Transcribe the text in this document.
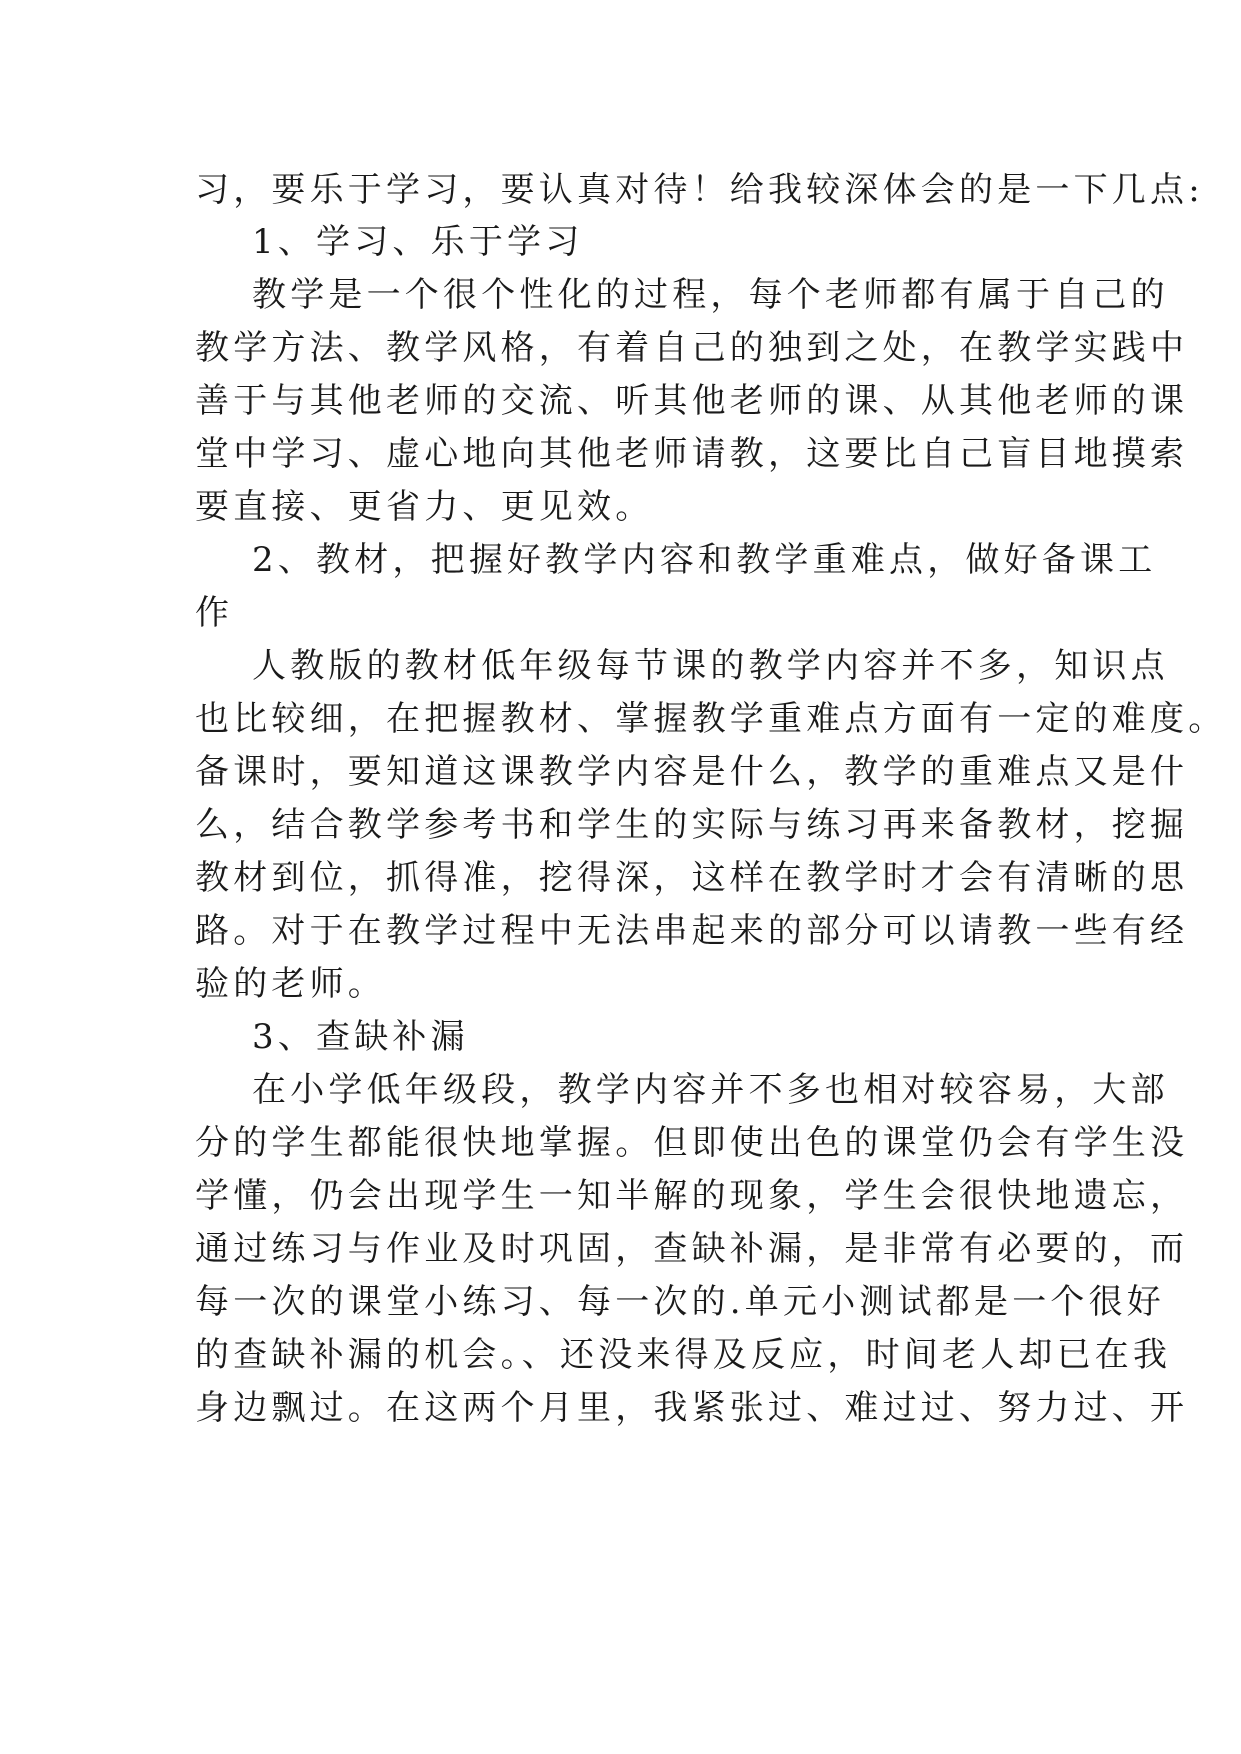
习，要乐于学习，要认真对待！给我较深体会的是一下几点:
1、学习、乐于学习
教学是一个很个性化的过程，每个老师都有属于自己的
教学方法、教学风格，有着自己的独到之处，在教学实践中
善于与其他老师的交流、听其他老师的课、从其他老师的课
堂中学习、虚心地向其他老师请教，这要比自己盲目地摸索
要直接、更省力、更见效。
2、教材，把握好教学内容和教学重难点，做好备课工
作
人教版的教材低年级每节课的教学内容并不多，知识点
也比较细，在把握教材、掌握教学重难点方面有一定的难度。
备课时，要知道这课教学内容是什么，教学的重难点又是什
么，结合教学参考书和学生的实际与练习再来备教材，挖掘
教材到位，抓得准，挖得深，这样在教学时才会有清晰的思
路。对于在教学过程中无法串起来的部分可以请教一些有经
验的老师。
3、查缺补漏
在小学低年级段，教学内容并不多也相对较容易，大部
分的学生都能很快地掌握。但即使出色的课堂仍会有学生没
学懂，仍会出现学生一知半解的现象，学生会很快地遗忘，
通过练习与作业及时巩固，查缺补漏，是非常有必要的，而
每一次的课堂小练习、每一次的.单元小测试都是一个很好
的查缺补漏的机会。、还没来得及反应，时间老人却已在我
身边飘过。在这两个月里，我紧张过、难过过、努力过、开
